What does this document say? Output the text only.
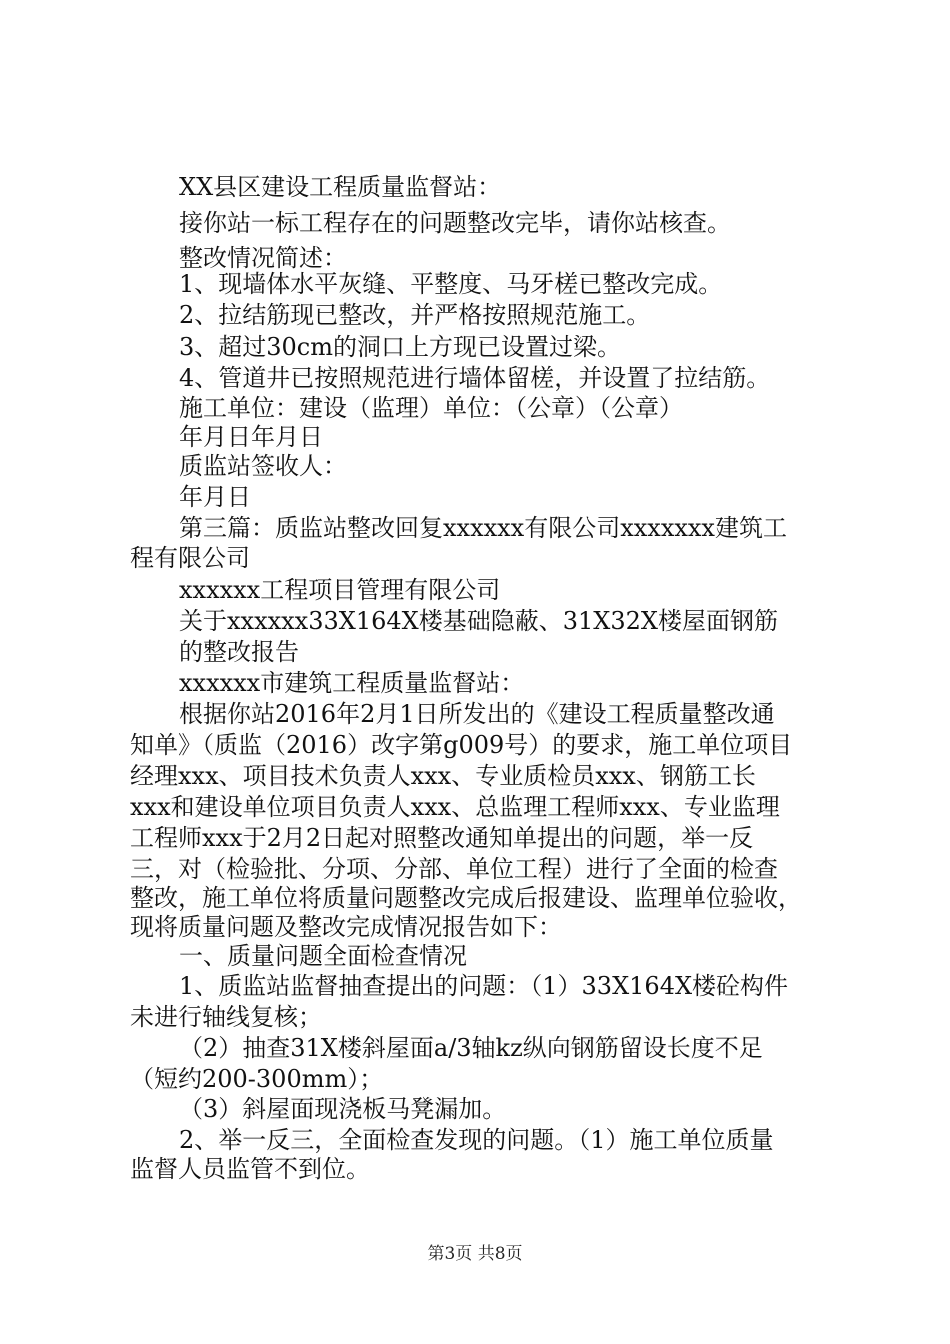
XX县区建设工程质量监督站：
接你站一标工程存在的问题整改完毕，请你站核查。
整改情况简述：
1、现墙体水平灰缝、平整度、马牙槎已整改完成。
2、拉结筋现已整改，并严格按照规范施工。
3、超过30cm的洞口上方现已设置过梁。
4、管道井已按照规范进行墙体留槎，并设置了拉结筋。
施工单位：建设（监理）单位：（公章）（公章）
年月日年月日
质监站签收人：
年月日
第三篇：质监站整改回复xxxxxx有限公司xxxxxxx建筑工
程有限公司
xxxxxx工程项目管理有限公司
关于xxxxxx33X164X楼基础隐蔽、31X32X楼屋面钢筋
的整改报告
xxxxxx市建筑工程质量监督站：
根据你站2016年2月1日所发出的《建设工程质量整改通
知单》（质监（2016）改字第g009号）的要求，施工单位项目
经理xxx、项目技术负责人xxx、专业质检员xxx、钢筋工长
xxx和建设单位项目负责人xxx、总监理工程师xxx、专业监理
工程师xxx于2月2日起对照整改通知单提出的问题，举一反
三，对（检验批、分项、分部、单位工程）进行了全面的检查
整改，施工单位将质量问题整改完成后报建设、监理单位验收，
现将质量问题及整改完成情况报告如下：
一、质量问题全面检查情况
1、质监站监督抽查提出的问题：（1）33X164X楼砼构件
未进行轴线复核；
（2）抽查31X楼斜屋面a/3轴kz纵向钢筋留设长度不足
（短约200-300mm）；
（3）斜屋面现浇板马凳漏加。
2、举一反三，全面检查发现的问题。（1）施工单位质量
监督人员监管不到位。
第3页 共8页
